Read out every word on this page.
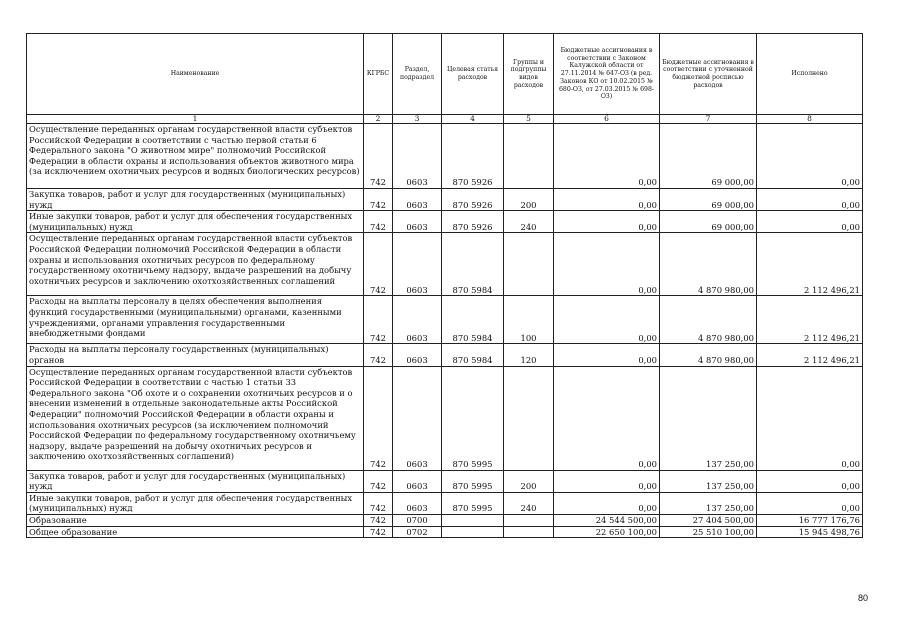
Наименование	КГРБС	Раздел, подраздел	Целевая статья расходов	Группы и подгруппы видов расходов	Бюджетные ассигнования в соответствии с Законом Калужской области от 27.11.2014 № 647-ОЗ (в ред. Законов КО от 10.02.2015 № 680-ОЗ, от 27.03.2015 № 698-ОЗ)	Бюджетные ассигнования в соответствии с уточненной бюджетной росписью расходов	Исполнено
1	2	3	4	5	6	7	8
Осуществление переданных органам государственной власти субъектов Российской Федерации в соответствии с частью первой статьи 6 Федерального закона "О животном мире" полномочий Российской Федерации в области охраны и использования объектов животного мира (за исключением охотничьих ресурсов и водных биологических ресурсов)	742	0603	870 5926		0,00	69 000,00	0,00
Закупка товаров, работ и услуг для государственных (муниципальных) нужд	742	0603	870 5926	200	0,00	69 000,00	0,00
Иные закупки товаров, работ и услуг для обеспечения государственных (муниципальных) нужд	742	0603	870 5926	240	0,00	69 000,00	0,00
Осуществление переданных органам государственной власти субъектов Российской Федерации полномочий Российской Федерации в области охраны и использования охотничьих ресурсов по федеральному государственному охотничьему надзору, выдаче разрешений на добычу охотничьих ресурсов и заключению охотхозяйственных соглашений	742	0603	870 5984		0,00	4 870 980,00	2 112 496,21
Расходы на выплаты персоналу в целях обеспечения выполнения функций государственными (муниципальными) органами, казенными учреждениями, органами управления государственными внебюджетными фондами	742	0603	870 5984	100	0,00	4 870 980,00	2 112 496,21
Расходы на выплаты персоналу государственных (муниципальных) органов	742	0603	870 5984	120	0,00	4 870 980,00	2 112 496,21
Осуществление переданных органам государственной власти субъектов Российской Федерации в соответствии с частью 1 статьи 33 Федерального закона "Об охоте и о сохранении охотничьих ресурсов и о внесении изменений в отдельные законодательные акты Российской Федерации" полномочий Российской Федерации в области охраны и использования охотничьих ресурсов (за исключением полномочий Российской Федерации по федеральному государственному охотничьему надзору, выдаче разрешений на добычу охотничьих ресурсов и заключению охотхозяйственных соглашений)	742	0603	870 5995		0,00	137 250,00	0,00
Закупка товаров, работ и услуг для государственных (муниципальных) нужд	742	0603	870 5995	200	0,00	137 250,00	0,00
Иные закупки товаров, работ и услуг для обеспечения государственных (муниципальных) нужд	742	0603	870 5995	240	0,00	137 250,00	0,00
Образование	742	0700			24 544 500,00	27 404 500,00	16 777 176,76
Общее образование	742	0702			22 650 100,00	25 510 100,00	15 945 498,76
80
